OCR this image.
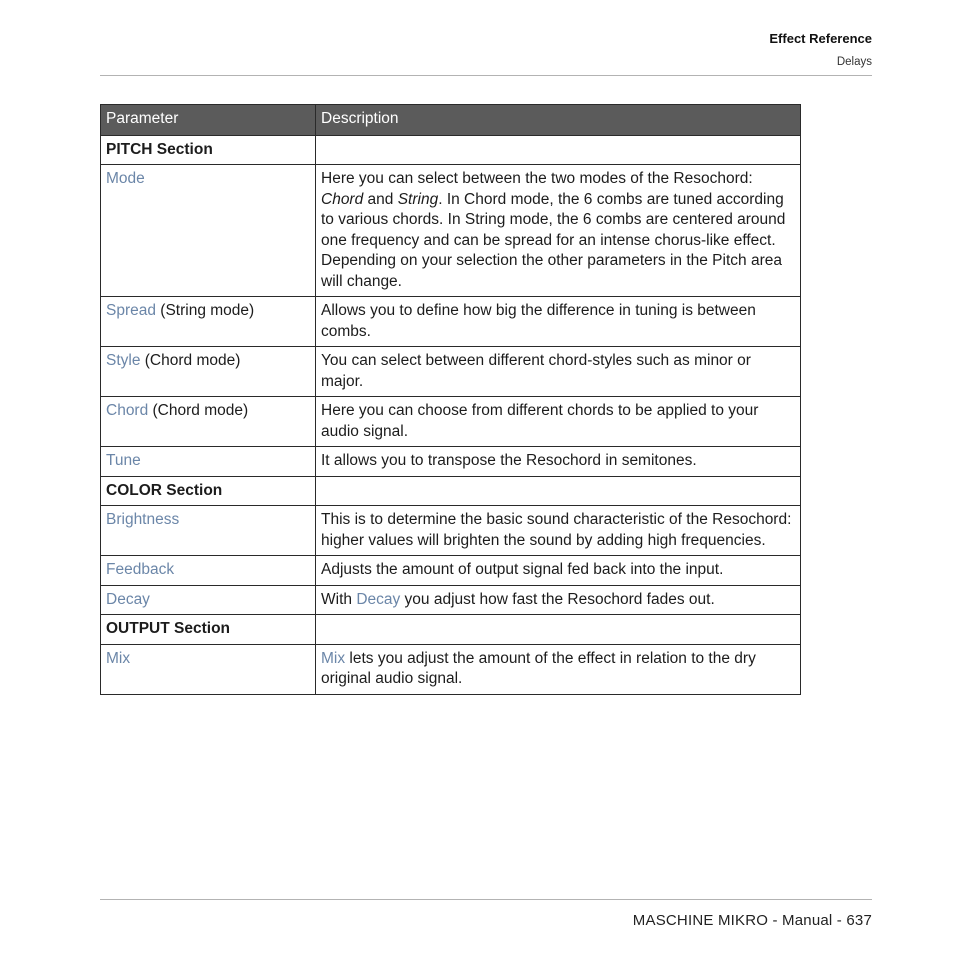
Effect Reference
Delays
Parameter	Description
PITCH Section	
Mode	Here you can select between the two modes of the Resochord: Chord and String. In Chord mode, the 6 combs are tuned according to various chords. In String mode, the 6 combs are centered around one frequency and can be spread for an intense chorus-like effect. Depending on your selection the other parameters in the Pitch area will change.
Spread (String mode)	Allows you to define how big the difference in tuning is between combs.
Style (Chord mode)	You can select between different chord-styles such as minor or major.
Chord (Chord mode)	Here you can choose from different chords to be applied to your audio signal.
Tune	It allows you to transpose the Resochord in semitones.
COLOR Section	
Brightness	This is to determine the basic sound characteristic of the Resochord: higher values will brighten the sound by adding high frequencies.
Feedback	Adjusts the amount of output signal fed back into the input.
Decay	With Decay you adjust how fast the Resochord fades out.
OUTPUT Section	
Mix	Mix lets you adjust the amount of the effect in relation to the dry original audio signal.
MASCHINE MIKRO - Manual - 637
